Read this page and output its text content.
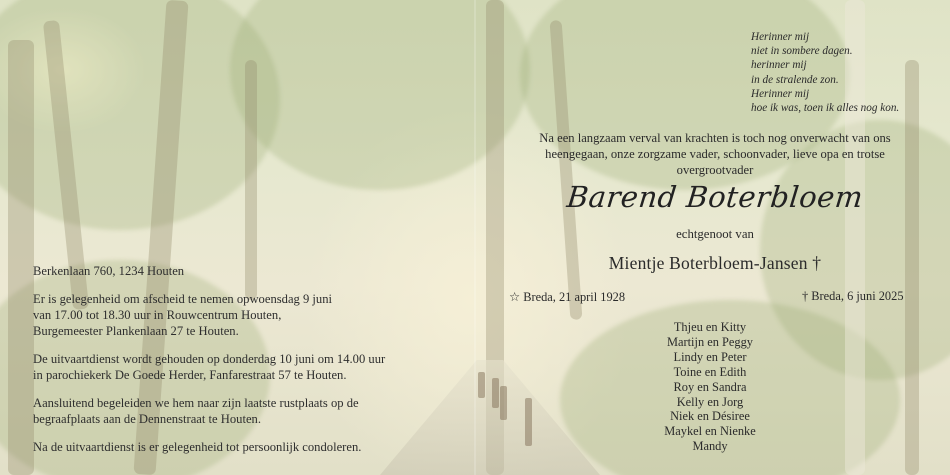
Berkenlaan 760, 1234 Houten

Er is gelegenheid om afscheid te nemen opwoensdag 9 juni
van 17.00 tot 18.30 uur in Rouwcentrum Houten,
Burgemeester Plankenlaan 27 te Houten.

De uitvaartdienst wordt gehouden op donderdag 10 juni om 14.00 uur
in parochiekerk De Goede Herder, Fanfarestraat 57 te Houten.

Aansluitend begeleiden we hem naar zijn laatste rustplaats op de
begraafplaats aan de Dennenstraat te Houten.

Na de uitvaartdienst is er gelegenheid tot persoonlijk condoleren.

Herinner mij
niet in sombere dagen.
herinner mij
in de stralende zon.
Herinner mij
hoe ik was, toen ik alles nog kon.
Na een langzaam verval van krachten is toch nog onverwacht van ons
heengegaan, onze zorgzame vader, schoonvader, lieve opa en trotse
overgrootvader
Barend Boterbloem
echtgenoot van
Mientje Boterbloem-Jansen †
☆ Breda, 21 april 1928	† Breda, 6 juni 2025
Thjeu en Kitty
Martijn en Peggy
Lindy en Peter
Toine en Edith
Roy en Sandra
Kelly en Jorg
Niek en Désiree
Maykel en Nienke
Mandy
